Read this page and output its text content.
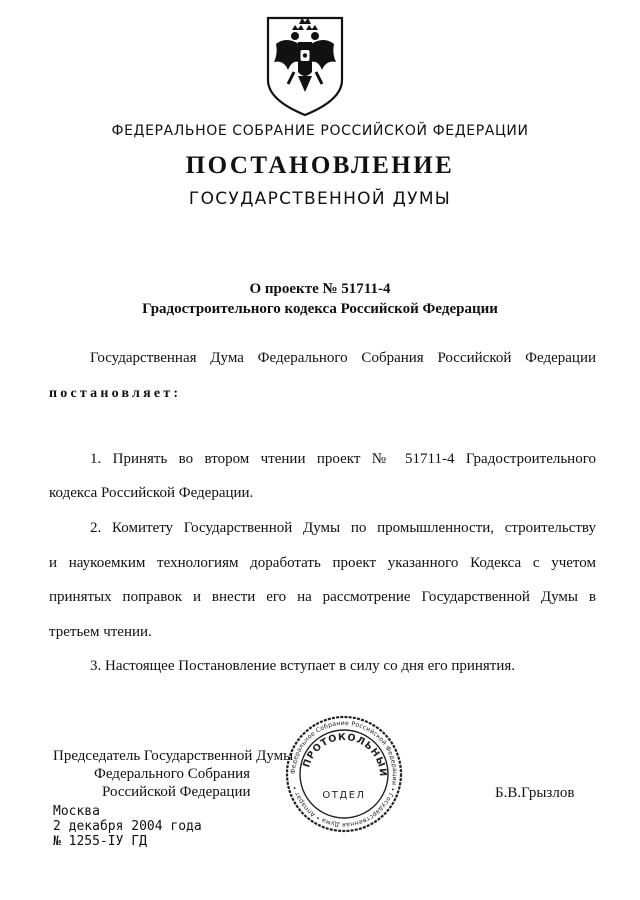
ФЕДЕРАЛЬНОЕ СОБРАНИЕ РОССИЙСКОЙ ФЕДЕРАЦИИ
ПОСТАНОВЛЕНИЕ
ГОСУДАРСТВЕННОЙ ДУМЫ
О проекте № 51711-4
Градостроительного кодекса Российской Федерации
Государственная Дума Федерального Собрания Российской Федерации
постановляет:
1. Принять во втором чтении проект № 51711-4 Градостроительного
кодекса Российской Федерации.
2. Комитету Государственной Думы по промышленности, строительству
и наукоемким технологиям доработать проект указанного Кодекса с учетом
принятых поправок и внести его на рассмотрение Государственной Думы в
третьем чтении.
3. Настоящее Постановление вступает в силу со дня его принятия.
Председатель Государственной Думы
Федерального Собрания
Российской Федерации	Б.В.Грызлов
Москва
2 декабря 2004 года
№ 1255-IУ ГД
Федеральное Собрание Российской Федерации • Государственная Дума • Аппарат •
ПРОТОКОЛЬНЫЙ
ОТДЕЛ
